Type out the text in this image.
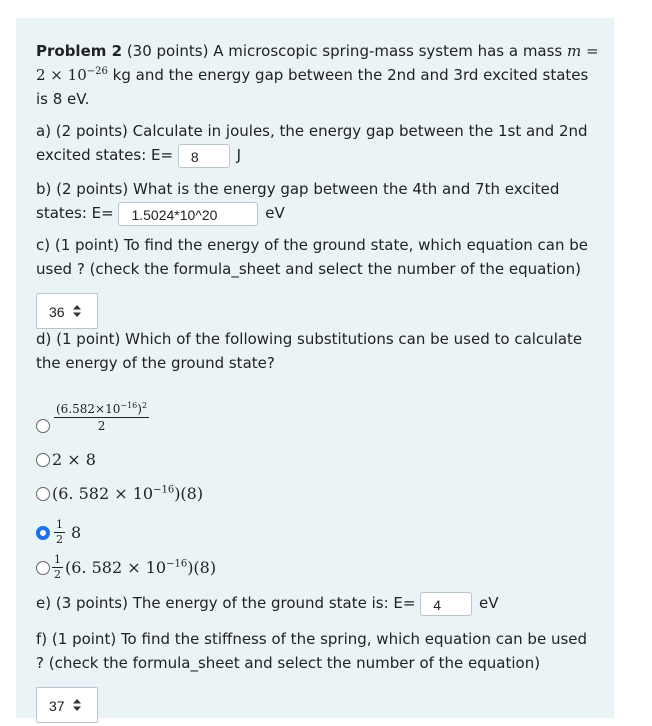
Problem 2 (30 points) A microscopic spring-mass system has a mass m =
$2 \times 10^{-26}$ kg and the energy gap between the 2nd and 3rd excited states
is 8 eV.
a) (2 points) Calculate in joules, the energy gap between the 1st and 2nd
excited states: E= 8	J
b) (2 points) What is the energy gap between the 4th and 7th excited
states: E= 1.5024*10^20	eV
c) (1 point) To find the energy of the ground state, which equation can be
used ? (check the formula_sheet and select the number of the equation)
36
d) (1 point) Which of the following substitutions can be used to calculate
the energy of the ground state?
$\frac{(6.582\times 10^{-16})^2}{2}$
2 × 8
(6. $582 \times 10^{-16})(8)$
$\frac{1}{2} 8$
$\frac{1}{2} (6$. $582 \times 10^{-16})(8)$
e) (3 points) The energy of the ground state is: E= 4	eV
f) (1 point) To find the stiffness of the spring, which equation can be used
? (check the formula_sheet and select the number of the equation)
37
